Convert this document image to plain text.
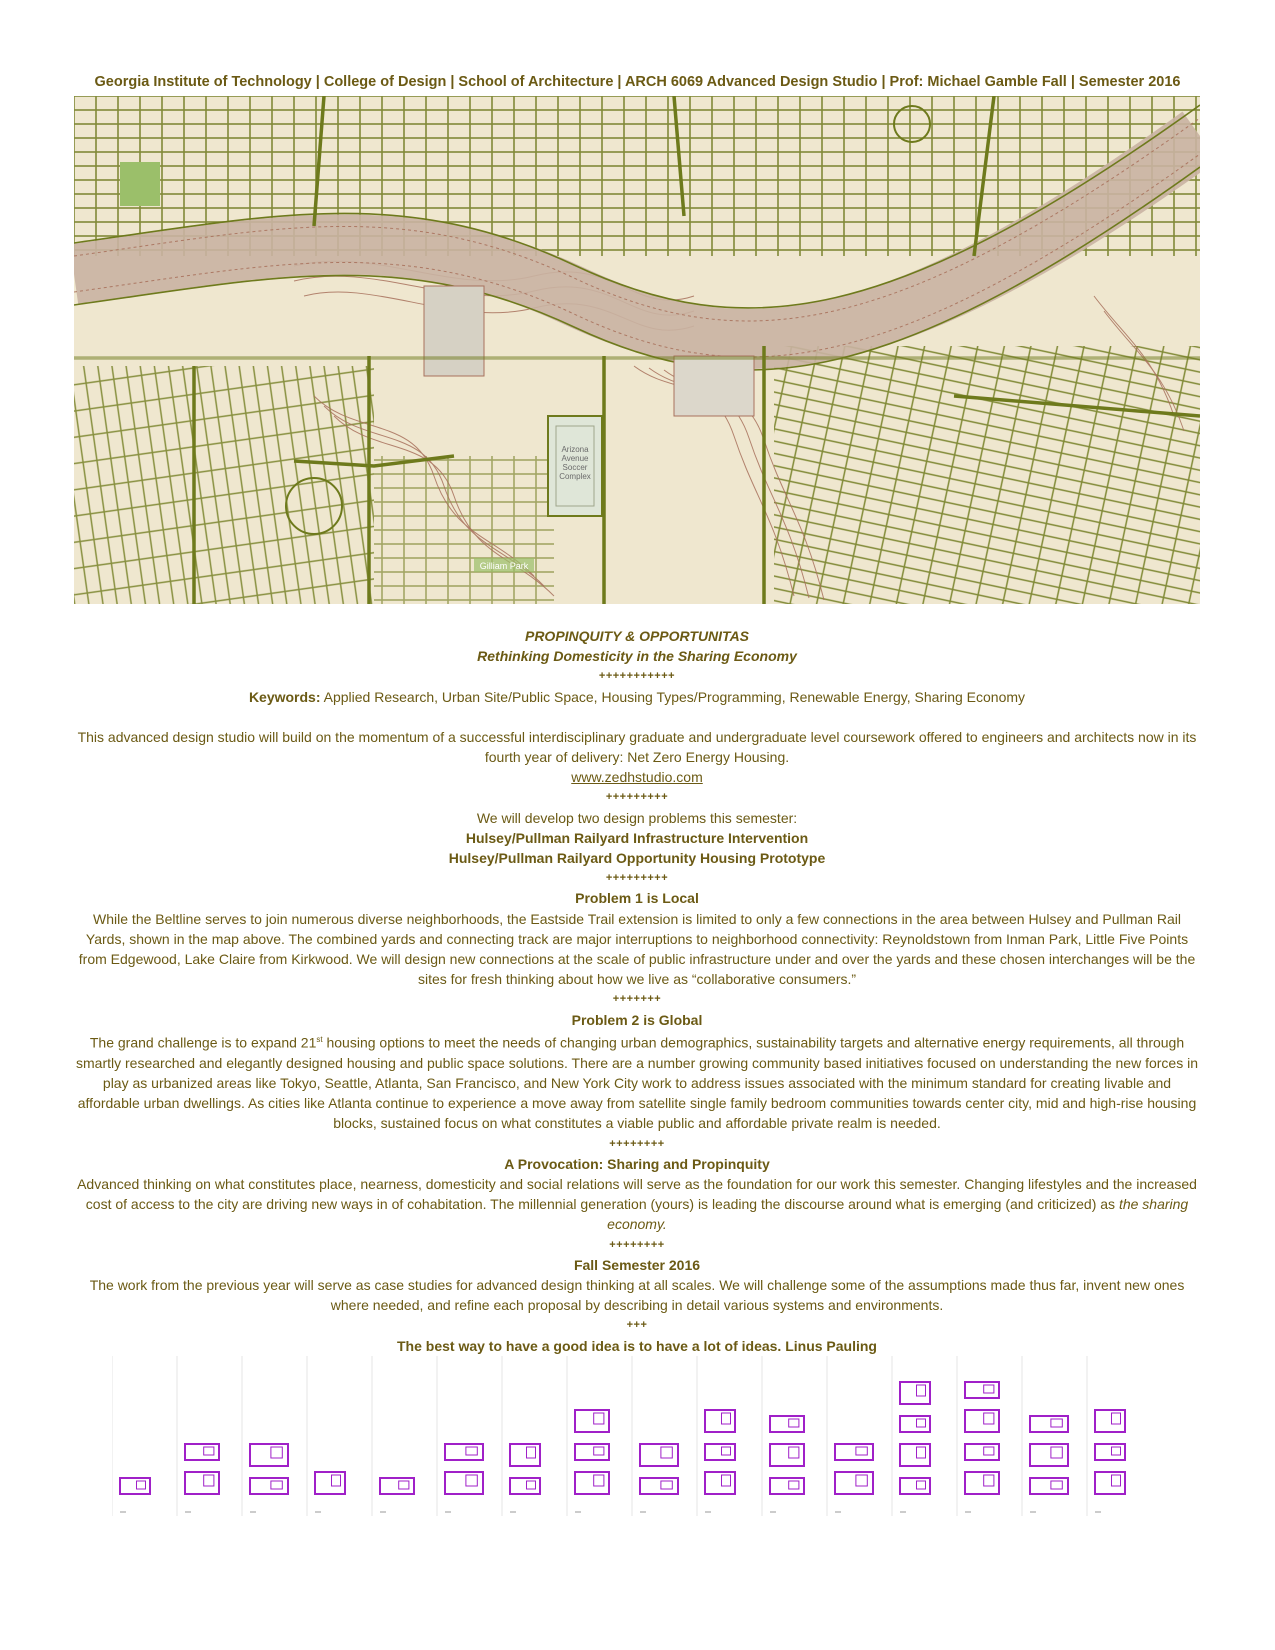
Georgia Institute of Technology | College of Design | School of Architecture | ARCH 6069 Advanced Design Studio | Prof: Michael Gamble Fall | Semester 2016
Arizona Avenue Soccer Complex
Gilliam Park

PROPINQUITY & OPPORTUNITAS

Rethinking Domesticity in the Sharing Economy

+++++++++++

Keywords: Applied Research, Urban Site/Public Space, Housing Types/Programming, Renewable Energy, Sharing Economy

This advanced design studio will build on the momentum of a successful interdisciplinary graduate and undergraduate level coursework offered to engineers and architects now in its fourth year of delivery: Net Zero Energy Housing.

www.zedhstudio.com

+++++++++

We will develop two design problems this semester:

Hulsey/Pullman Railyard Infrastructure Intervention

Hulsey/Pullman Railyard Opportunity Housing Prototype

+++++++++

Problem 1 is Local

While the Beltline serves to join numerous diverse neighborhoods, the Eastside Trail extension is limited to only a few connections in the area between Hulsey and Pullman Rail Yards, shown in the map above. The combined yards and connecting track are major interruptions to neighborhood connectivity: Reynoldstown from Inman Park, Little Five Points from Edgewood, Lake Claire from Kirkwood. We will design new connections at the scale of public infrastructure under and over the yards and these chosen interchanges will be the sites for fresh thinking about how we live as “collaborative consumers.”

+++++++

Problem 2 is Global

The grand challenge is to expand 21st housing options to meet the needs of changing urban demographics, sustainability targets and alternative energy requirements, all through smartly researched and elegantly designed housing and public space solutions. There are a number growing community based initiatives focused on understanding the new forces in play as urbanized areas like Tokyo, Seattle, Atlanta, San Francisco, and New York City work to address issues associated with the minimum standard for creating livable and affordable urban dwellings. As cities like Atlanta continue to experience a move away from satellite single family bedroom communities towards center city, mid and high-rise housing blocks, sustained focus on what constitutes a viable public and affordable private realm is needed.

++++++++

A Provocation: Sharing and Propinquity

Advanced thinking on what constitutes place, nearness, domesticity and social relations will serve as the foundation for our work this semester. Changing lifestyles and the increased cost of access to the city are driving new ways in of cohabitation. The millennial generation (yours) is leading the discourse around what is emerging (and criticized) as the sharing economy.

++++++++

Fall Semester 2016

The work from the previous year will serve as case studies for advanced design thinking at all scales. We will challenge some of the assumptions made thus far, invent new ones where needed, and refine each proposal by describing in detail various systems and environments.

+++

The best way to have a good idea is to have a lot of ideas. Linus Pauling
